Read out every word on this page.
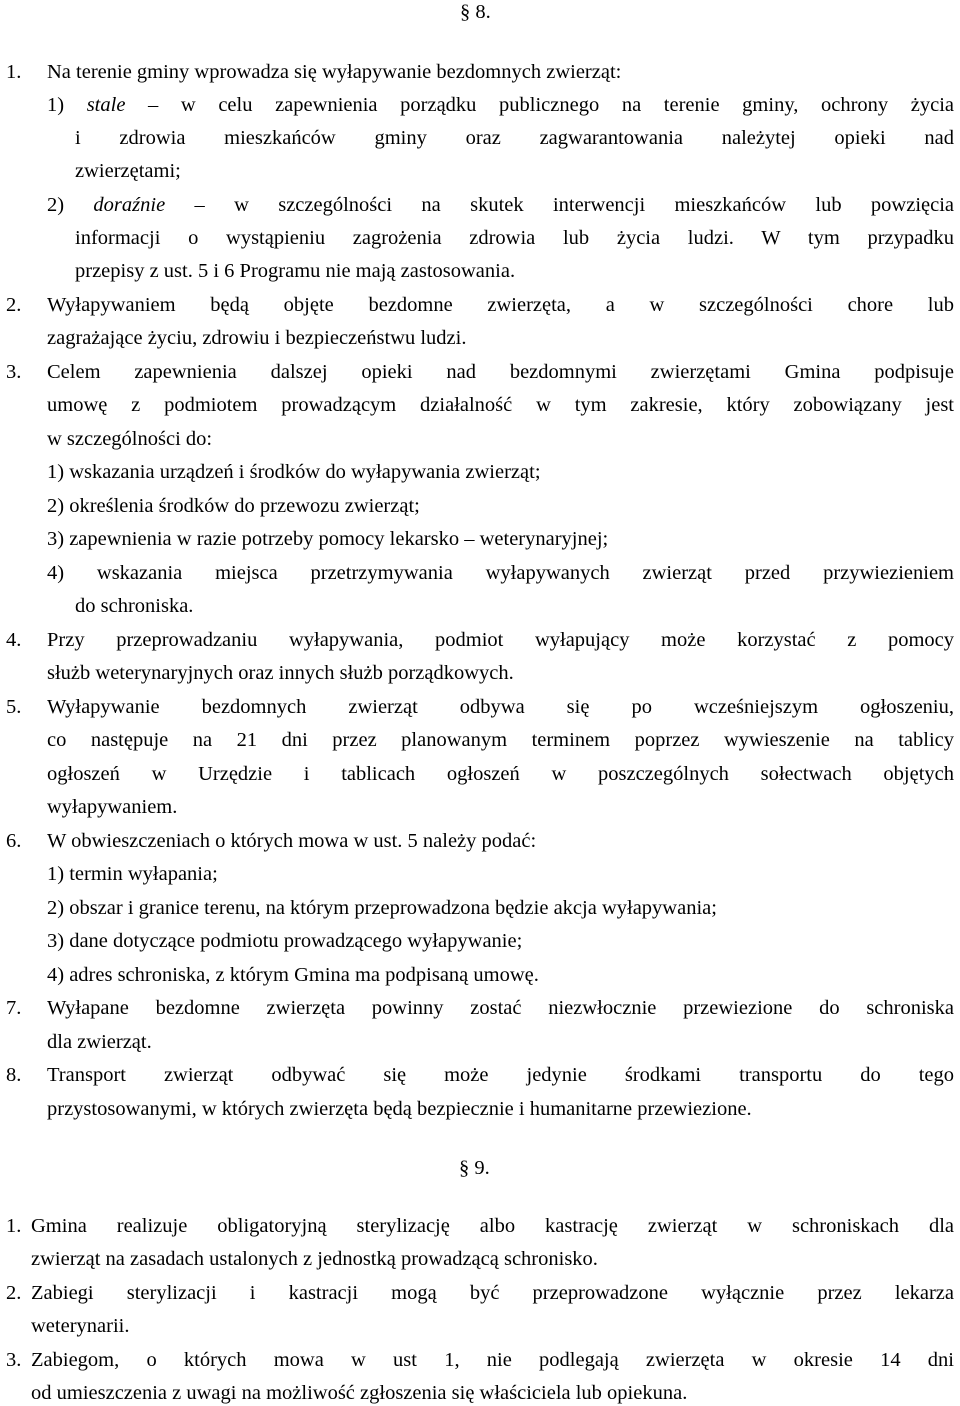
§ 8.
1. Na terenie gminy wprowadza się wyłapywanie bezdomnych zwierząt:
1) stale – w celu zapewnienia porządku publicznego na terenie gminy, ochrony życia
i zdrowia mieszkańców gminy oraz zagwarantowania należytej opieki nad
zwierzętami;
2) doraźnie – w szczególności na skutek interwencji mieszkańców lub powzięcia
informacji o wystąpieniu zagrożenia zdrowia lub życia ludzi. W tym przypadku
przepisy z ust. 5 i 6 Programu nie mają zastosowania.
2. Wyłapywaniem będą objęte bezdomne zwierzęta, a w szczególności chore lub
zagrażające życiu, zdrowiu i bezpieczeństwu ludzi.
3. Celem zapewnienia dalszej opieki nad bezdomnymi zwierzętami Gmina podpisuje
umowę z podmiotem prowadzącym działalność w tym zakresie, który zobowiązany jest
w szczególności do:
1) wskazania urządzeń i środków do wyłapywania zwierząt;
2) określenia środków do przewozu zwierząt;
3) zapewnienia w razie potrzeby pomocy lekarsko – weterynaryjnej;
4) wskazania miejsca przetrzymywania wyłapywanych zwierząt przed przywiezieniem
do schroniska.
4. Przy przeprowadzaniu wyłapywania, podmiot wyłapujący może korzystać z pomocy
służb weterynaryjnych oraz innych służb porządkowych.
5. Wyłapywanie bezdomnych zwierząt odbywa się po wcześniejszym ogłoszeniu,
co następuje na 21 dni przez planowanym terminem poprzez wywieszenie na tablicy
ogłoszeń w Urzędzie i tablicach ogłoszeń w poszczególnych sołectwach objętych
wyłapywaniem.
6. W obwieszczeniach o których mowa w ust. 5 należy podać:
1) termin wyłapania;
2) obszar i granice terenu, na którym przeprowadzona będzie akcja wyłapywania;
3) dane dotyczące podmiotu prowadzącego wyłapywanie;
4) adres schroniska, z którym Gmina ma podpisaną umowę.
7. Wyłapane bezdomne zwierzęta powinny zostać niezwłocznie przewiezione do schroniska
dla zwierząt.
8. Transport zwierząt odbywać się może jedynie środkami transportu do tego
przystosowanymi, w których zwierzęta będą bezpiecznie i humanitarne przewiezione.
§ 9.
1. Gmina realizuje obligatoryjną sterylizację albo kastrację zwierząt w schroniskach dla
zwierząt na zasadach ustalonych z jednostką prowadzącą schronisko.
2. Zabiegi sterylizacji i kastracji mogą być przeprowadzone wyłącznie przez lekarza
weterynarii.
3. Zabiegom, o których mowa w ust 1, nie podlegają zwierzęta w okresie 14 dni
od umieszczenia z uwagi na możliwość zgłoszenia się właściciela lub opiekuna.
